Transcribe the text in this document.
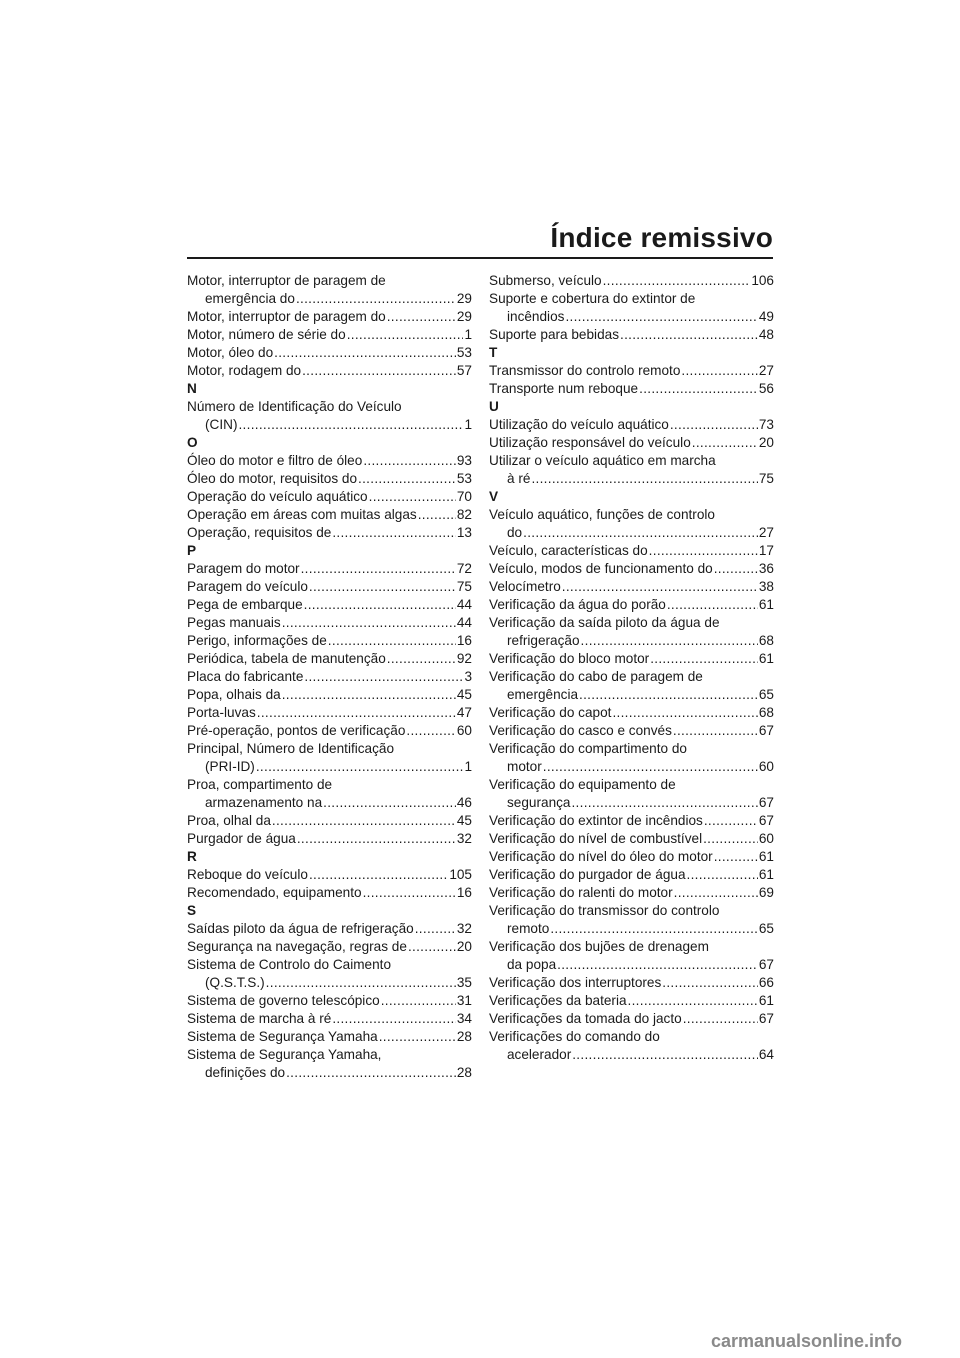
Índice remissivo
Motor, interruptor de paragem de
emergência do .....	29
Motor, interruptor de paragem do .....	29
Motor, número de série do .....	1
Motor, óleo do .....	53
Motor, rodagem do .....	57
N
Número de Identificação do Veículo
(CIN) .....	1
O
Óleo do motor e filtro de óleo .....	93
Óleo do motor, requisitos do .....	53
Operação do veículo aquático .....	70
Operação em áreas com muitas algas .....	82
Operação, requisitos de .....	13
P
Paragem do motor .....	72
Paragem do veículo .....	75
Pega de embarque .....	44
Pegas manuais .....	44
Perigo, informações de .....	16
Periódica, tabela de manutenção .....	92
Placa do fabricante .....	3
Popa, olhais da .....	45
Porta-luvas .....	47
Pré-operação, pontos de verificação .....	60
Principal, Número de Identificação
(PRI-ID) .....	1
Proa, compartimento de
armazenamento na .....	46
Proa, olhal da .....	45
Purgador de água .....	32
R
Reboque do veículo .....	105
Recomendado, equipamento .....	16
S
Saídas piloto da água de refrigeração .....	32
Segurança na navegação, regras de .....	20
Sistema de Controlo do Caimento
(Q.S.T.S.) .....	35
Sistema de governo telescópico .....	31
Sistema de marcha à ré .....	34
Sistema de Segurança Yamaha .....	28
Sistema de Segurança Yamaha,
definições do .....	28
Submerso, veículo .....	106
Suporte e cobertura do extintor de
incêndios .....	49
Suporte para bebidas .....	48
T
Transmissor do controlo remoto .....	27
Transporte num reboque .....	56
U
Utilização do veículo aquático .....	73
Utilização responsável do veículo .....	20
Utilizar o veículo aquático em marcha
à ré .....	75
V
Veículo aquático, funções de controlo
do .....	27
Veículo, características do .....	17
Veículo, modos de funcionamento do .....	36
Velocímetro .....	38
Verificação da água do porão .....	61
Verificação da saída piloto da água de
refrigeração .....	68
Verificação do bloco motor .....	61
Verificação do cabo de paragem de
emergência .....	65
Verificação do capot .....	68
Verificação do casco e convés .....	67
Verificação do compartimento do
motor .....	60
Verificação do equipamento de
segurança .....	67
Verificação do extintor de incêndios .....	67
Verificação do nível de combustível .....	60
Verificação do nível do óleo do motor .....	61
Verificação do purgador de água .....	61
Verificação do ralenti do motor .....	69
Verificação do transmissor do controlo
remoto .....	65
Verificação dos bujões de drenagem
da popa .....	67
Verificação dos interruptores .....	66
Verificações da bateria .....	61
Verificações da tomada do jacto .....	67
Verificações do comando do
acelerador .....	64
carmanualsonline.info
